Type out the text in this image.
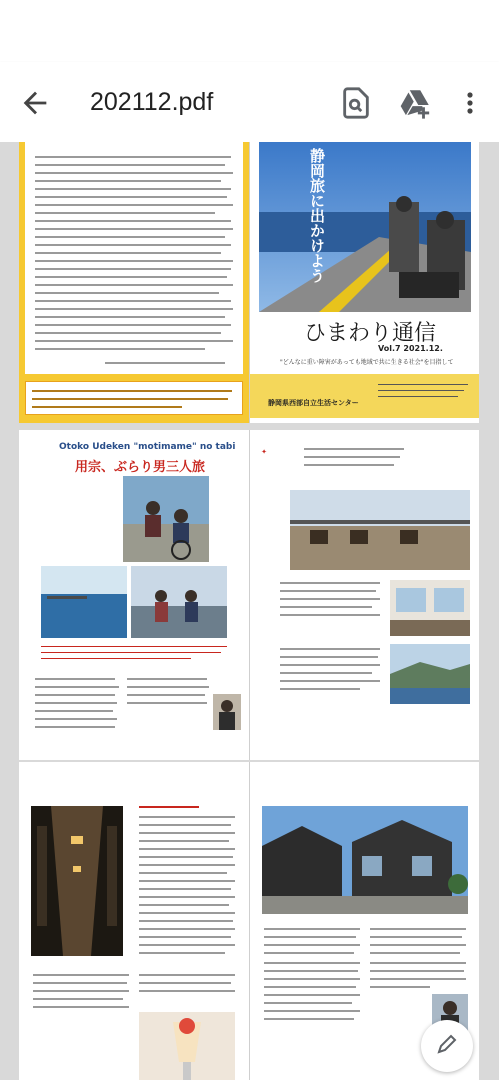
202112.pdf
静岡旅に出かけよう
ひまわり通信
Vol.7 2021.12.
"どんなに重い障害があっても地域で共に生きる社会"を目指して
静岡県西部自立生活センター
Otoko Udeken "motimame" no tabi
用宗、ぶらり男三人旅
✦
